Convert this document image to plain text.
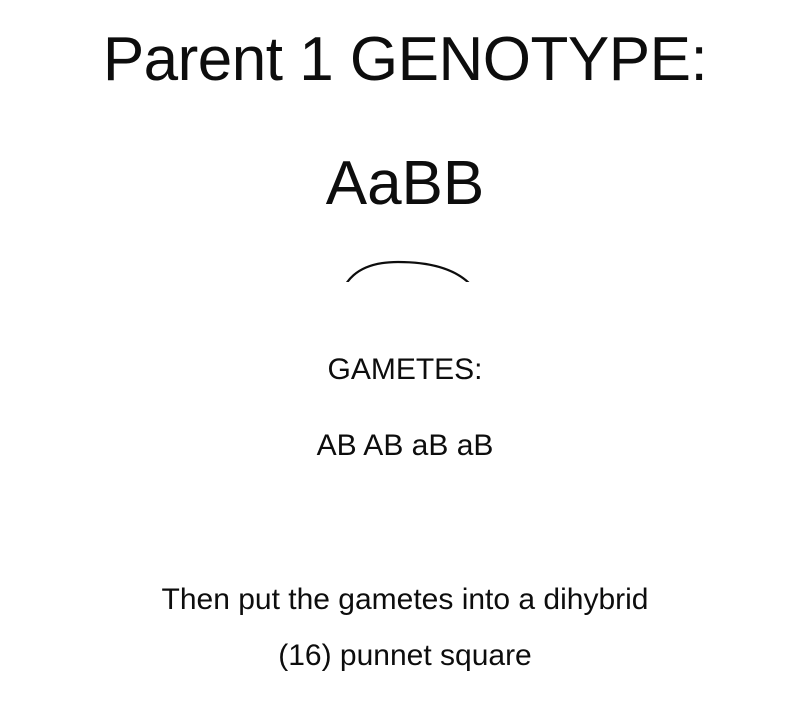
Parent 1 GENOTYPE:
AaBB
GAMETES:
AB AB aB aB
Then put the gametes into a dihybrid
(16) punnet square
